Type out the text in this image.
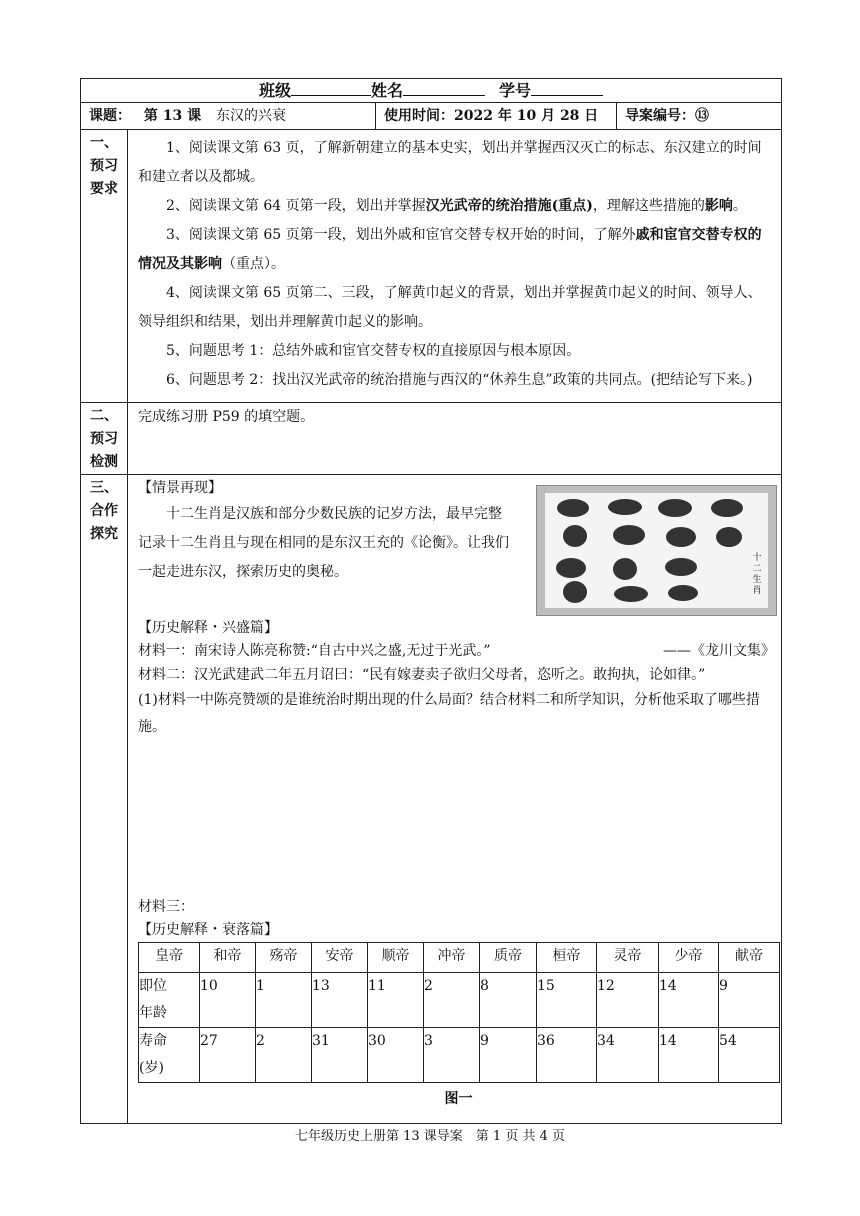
班级	姓名	学号
课题： 第 13 课 东汉的兴衰	使用时间：2022 年 10 月 28 日	导案编号：⑬

一、
预习
要求

1、阅读课文第 63 页，了解新朝建立的基本史实，划出并掌握西汉灭亡的标志、东汉建立的时间和建立者以及都城。

2、阅读课文第 64 页第一段，划出并掌握汉光武帝的统治措施(重点)，理解这些措施的影响。

3、阅读课文第 65 页第一段，划出外戚和宦官交替专权开始的时间，了解外戚和宦官交替专权的情况及其影响（重点）。

4、阅读课文第 65 页第二、三段，了解黄巾起义的背景，划出并掌握黄巾起义的时间、领导人、领导组织和结果，划出并理解黄巾起义的影响。

5、问题思考 1：总结外戚和宦官交替专权的直接原因与根本原因。

6、问题思考 2：找出汉光武帝的统治措施与西汉的“休养生息”政策的共同点。(把结论写下来。)

二、
预习
检测

完成练习册 P59 的填空题。

三、
合作
探究

【情景再现】

十二生肖是汉族和部分少数民族的记岁方法，最早完整记录十二生肖且与现在相同的是东汉王充的《论衡》。让我们一起走进东汉，探索历史的奥秘。

十二生肖
【历史解释・兴盛篇】
材料一：南宋诗人陈亮称赞:“自古中兴之盛,无过于光武。”	——《龙川文集》
材料二：汉光武建武二年五月诏曰：“民有嫁妻卖子欲归父母者，恣听之。敢拘执，论如律。”
(1)材料一中陈亮赞颂的是谁统治时期出现的什么局面？结合材料二和所学知识，分析他采取了哪些措施。
材料三：
【历史解释・衰落篇】
皇帝	和帝	殇帝	安帝	顺帝	冲帝	质帝	桓帝	灵帝	少帝	献帝

即位
年龄
	10	1	13	11	2	8	15	12	14	9

寿命
(岁)
	27	2	31	30	3	9	36	34	14	54
图一
七年级历史上册第 13 课导案　第 1 页 共 4 页
